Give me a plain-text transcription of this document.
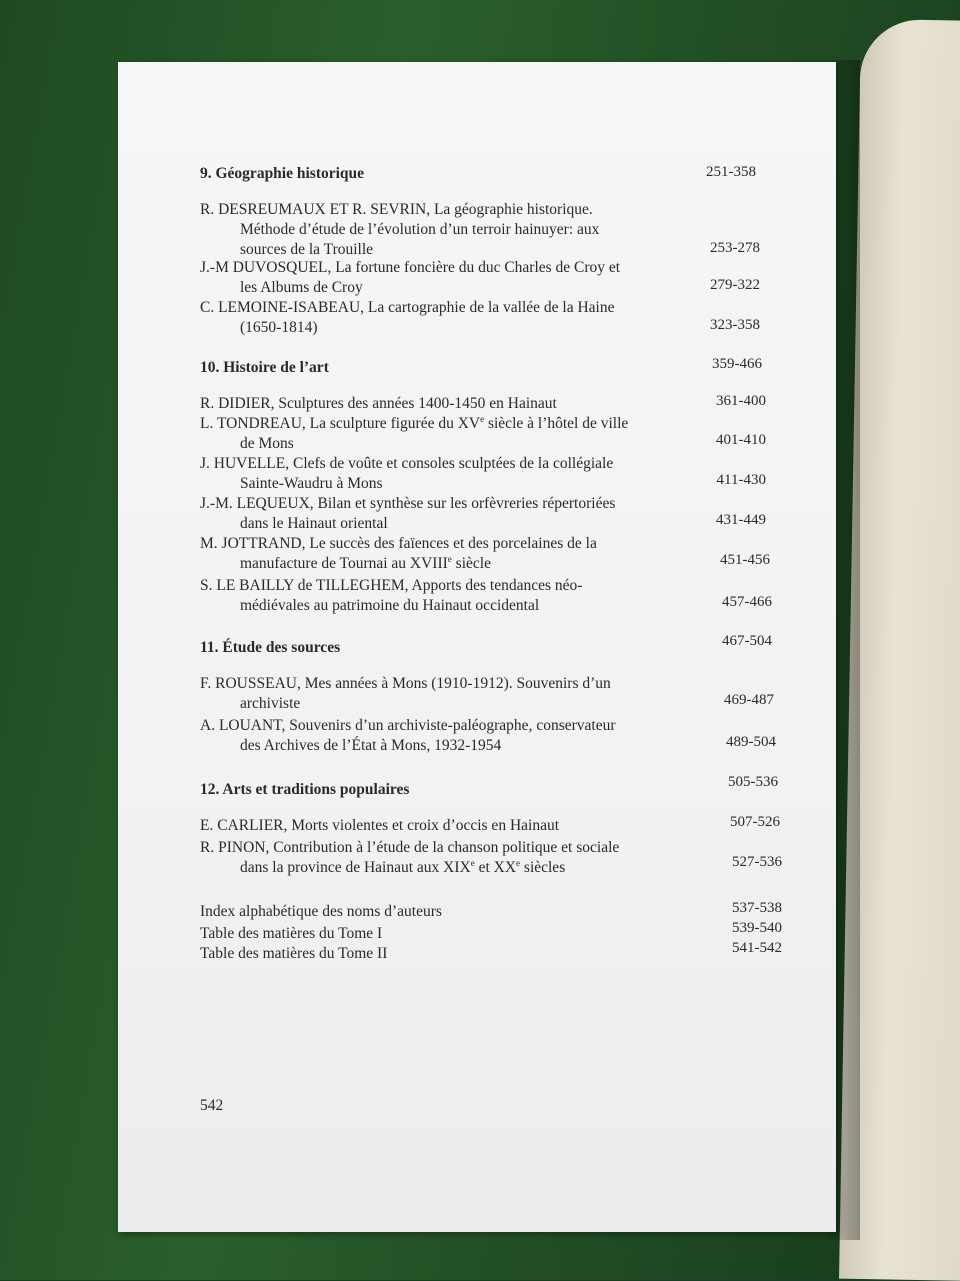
9. Géographie historique	251-358
R. DESREUMAUX ET R. SEVRIN, La géographie historique.
Méthode d’étude de l’évolution d’un terroir hainuyer: aux
sources de la Trouille	253-278
J.-M DUVOSQUEL, La fortune foncière du duc Charles de Croy et
les Albums de Croy	279-322
C. LEMOINE-ISABEAU, La cartographie de la vallée de la Haine
(1650-1814)	323-358
10. Histoire de l’art	359-466
R. DIDIER, Sculptures des années 1400-1450 en Hainaut	361-400
L. TONDREAU, La sculpture figurée du XVe siècle à l’hôtel de ville
de Mons	401-410
J. HUVELLE, Clefs de voûte et consoles sculptées de la collégiale
Sainte-Waudru à Mons	411-430
J.-M. LEQUEUX, Bilan et synthèse sur les orfèvreries répertoriées
dans le Hainaut oriental	431-449
M. JOTTRAND, Le succès des faïences et des porcelaines de la
manufacture de Tournai au XVIIIe siècle	451-456
S. LE BAILLY de TILLEGHEM, Apports des tendances néo-
médiévales au patrimoine du Hainaut occidental	457-466
11. Étude des sources	467-504
F. ROUSSEAU, Mes années à Mons (1910-1912). Souvenirs d’un
archiviste	469-487
A. LOUANT, Souvenirs d’un archiviste-paléographe, conservateur
des Archives de l’État à Mons, 1932-1954	489-504
12. Arts et traditions populaires	505-536
E. CARLIER, Morts violentes et croix d’occis en Hainaut	507-526
R. PINON, Contribution à l’étude de la chanson politique et sociale
dans la province de Hainaut aux XIXe et XXe siècles	527-536
Index alphabétique des noms d’auteurs	537-538
Table des matières du Tome I	539-540
Table des matières du Tome II	541-542
542
